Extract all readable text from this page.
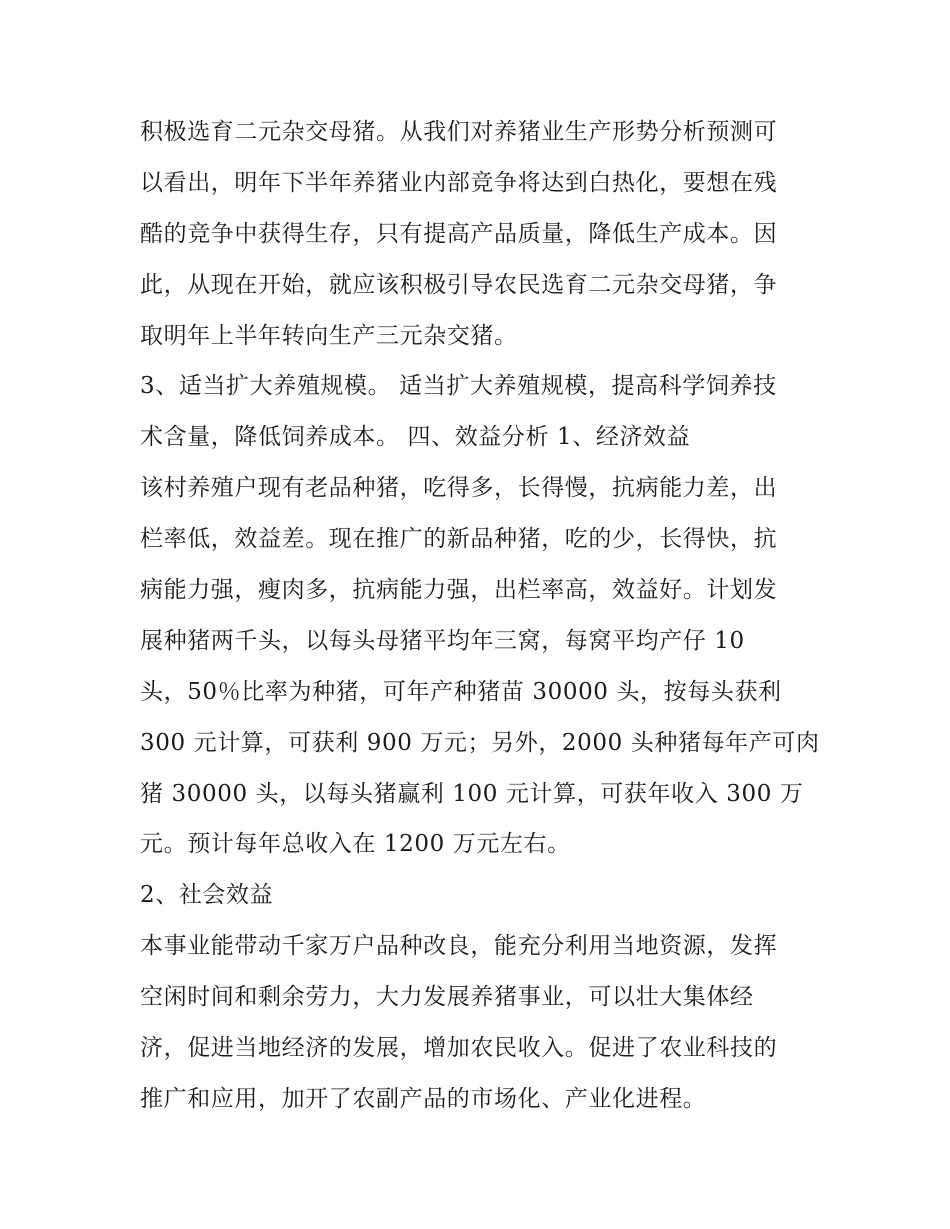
积极选育二元杂交母猪。从我们对养猪业生产形势分析预测可
以看出，明年下半年养猪业内部竞争将达到白热化，要想在残
酷的竞争中获得生存，只有提高产品质量，降低生产成本。因
此，从现在开始，就应该积极引导农民选育二元杂交母猪，争
取明年上半年转向生产三元杂交猪。
3、适当扩大养殖规模。 适当扩大养殖规模，提高科学饲养技
术含量，降低饲养成本。 四、效益分析 1、经济效益
该村养殖户现有老品种猪，吃得多，长得慢，抗病能力差，出
栏率低，效益差。现在推广的新品种猪，吃的少，长得快，抗
病能力强，瘦肉多，抗病能力强，出栏率高，效益好。计划发
展种猪两千头，以每头母猪平均年三窝，每窝平均产仔 10
头，50％比率为种猪，可年产种猪苗 30000 头，按每头获利
300 元计算，可获利 900 万元；另外，2000 头种猪每年产可肉
猪 30000 头，以每头猪赢利 100 元计算，可获年收入 300 万
元。预计每年总收入在 1200 万元左右。
2、社会效益
本事业能带动千家万户品种改良，能充分利用当地资源，发挥
空闲时间和剩余劳力，大力发展养猪事业，可以壮大集体经
济，促进当地经济的发展，增加农民收入。促进了农业科技的
推广和应用，加开了农副产品的市场化、产业化进程。
